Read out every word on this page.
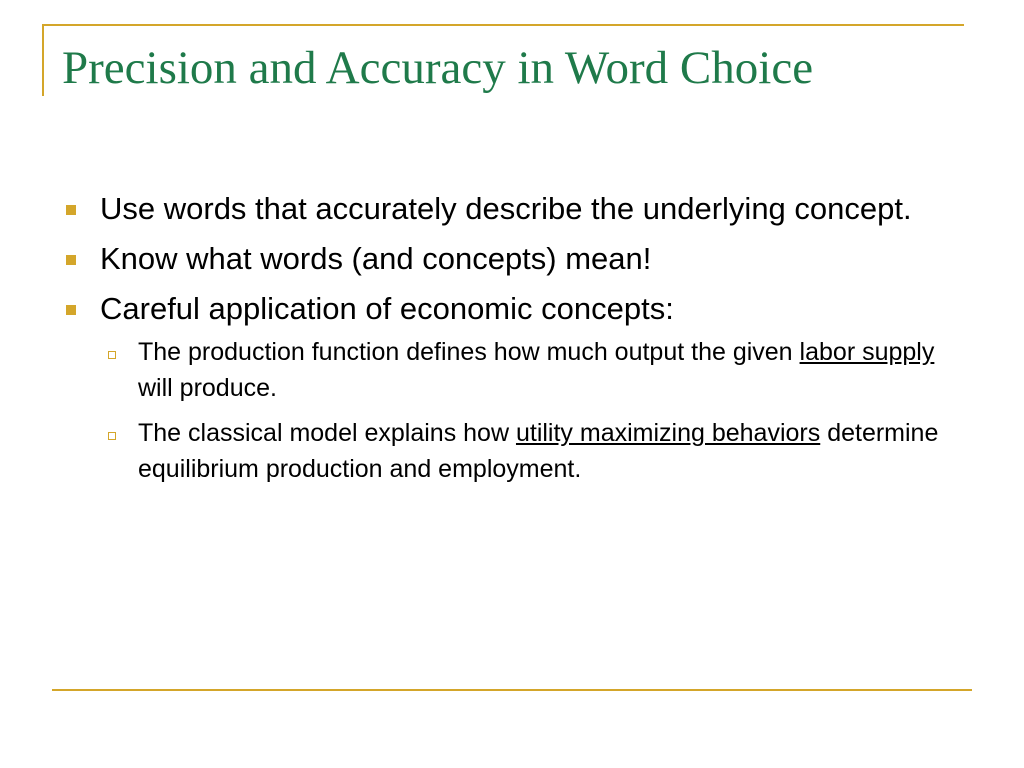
Precision and Accuracy in Word Choice
Use words that accurately describe the underlying concept.
Know what words (and concepts) mean!
Careful application of economic concepts:
The production function defines how much output the given labor supply will produce.
The classical model explains how utility maximizing behaviors determine equilibrium production and employment.
